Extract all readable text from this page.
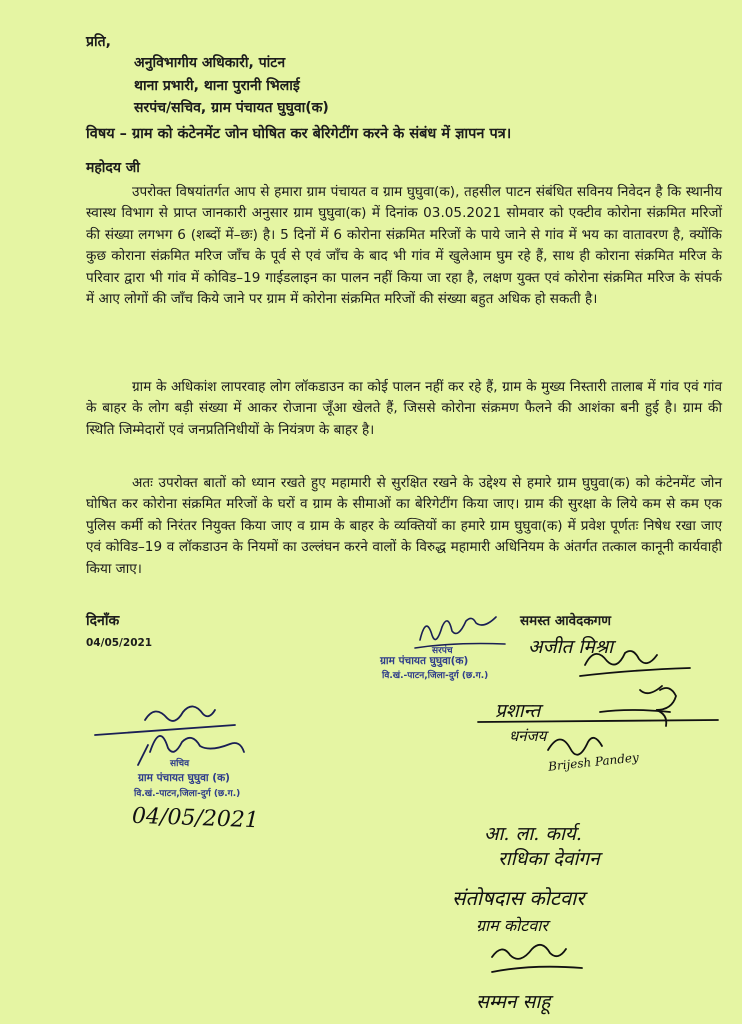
प्रति,
अनुविभागीय अधिकारी, पांटन
थाना प्रभारी, थाना पुरानी भिलाई
सरपंच/सचिव, ग्राम पंचायत घुघुवा(क)
विषय – ग्राम को कंटेनमेंट जोन घोषित कर बेरिगेटींग करने के संबंध में ज्ञापन पत्र।
महोदय जी

उपरोक्त विषयांतर्गत आप से हमारा ग्राम पंचायत व ग्राम घुघुवा(क), तहसील पाटन संबंधित सविनय निवेदन है कि स्थानीय स्वास्थ विभाग से प्राप्त जानकारी अनुसार ग्राम घुघुवा(क) में दिनांक 03.05.2021 सोमवार को एक्टीव कोरोना संक्रमित मरिजों की संख्या लगभग 6 (शब्दों में–छः) है। 5 दिनों में 6 कोरोना संक्रमित मरिजों के पाये जाने से गांव में भय का वातावरण है, क्योंकि कुछ कोराना संक्रमित मरिज जाँच के पूर्व से एवं जाँच के बाद भी गांव में खुलेआम घुम रहे हैं, साथ ही कोराना संक्रमित मरिज के परिवार द्वारा भी गांव में कोविड–19 गाईडलाइन का पालन नहीं किया जा रहा है, लक्षण युक्त एवं कोरोना संक्रमित मरिज के संपर्क में आए लोगों की जाँच किये जाने पर ग्राम में कोरोना संक्रमित मरिजों की संख्या बहुत अधिक हो सकती है।

ग्राम के अधिकांश लापरवाह लोग लॉकडाउन का कोई पालन नहीं कर रहे हैं, ग्राम के मुख्य निस्तारी तालाब में गांव एवं गांव के बाहर के लोग बड़ी संख्या में आकर रोजाना जूँआ खेलते हैं, जिससे कोरोना संक्रमण फैलने की आशंका बनी हुई है। ग्राम की स्थिति जिम्मेदारों एवं जनप्रतिनिधीयों के नियंत्रण के बाहर है।

अतः उपरोक्त बातों को ध्यान रखते हुए महामारी से सुरक्षित रखने के उद्देश्य से हमारे ग्राम घुघुवा(क) को कंटेनमेंट जोन घोषित कर कोरोना संक्रमित मरिजों के घरों व ग्राम के सीमाओं का बेरिगेटींग किया जाए। ग्राम की सुरक्षा के लिये कम से कम एक पुलिस कर्मी को निरंतर नियुक्त किया जाए व ग्राम के बाहर के व्यक्तियों का हमारे ग्राम घुघुवा(क) में प्रवेश पूर्णतः निषेध रखा जाए एवं कोविड–19 व लॉकडाउन के नियमों का उल्लंघन करने वालों के विरुद्ध महामारी अधिनियम के अंतर्गत तत्काल कानूनी कार्यवाही किया जाए।

दिनाँक
04/05/2021
समस्त आवेदकगण
सरपंच
ग्राम पंचायत घुघुवा(क)
वि.खं.-पाटन,जिला-दुर्ग (छ.ग.)
सचिव
ग्राम पंचायत घुघुवा (क)
वि.खं.-पाटन,जिला-दुर्ग (छ.ग.)
04/05/2021
अजीत मिश्रा
प्रशान्त
धनंजय
Brijesh Pandey
आ. ला. कार्य.
राधिका देवांगन
संतोषदास कोटवार
ग्राम कोटवार
सम्मन साहू
